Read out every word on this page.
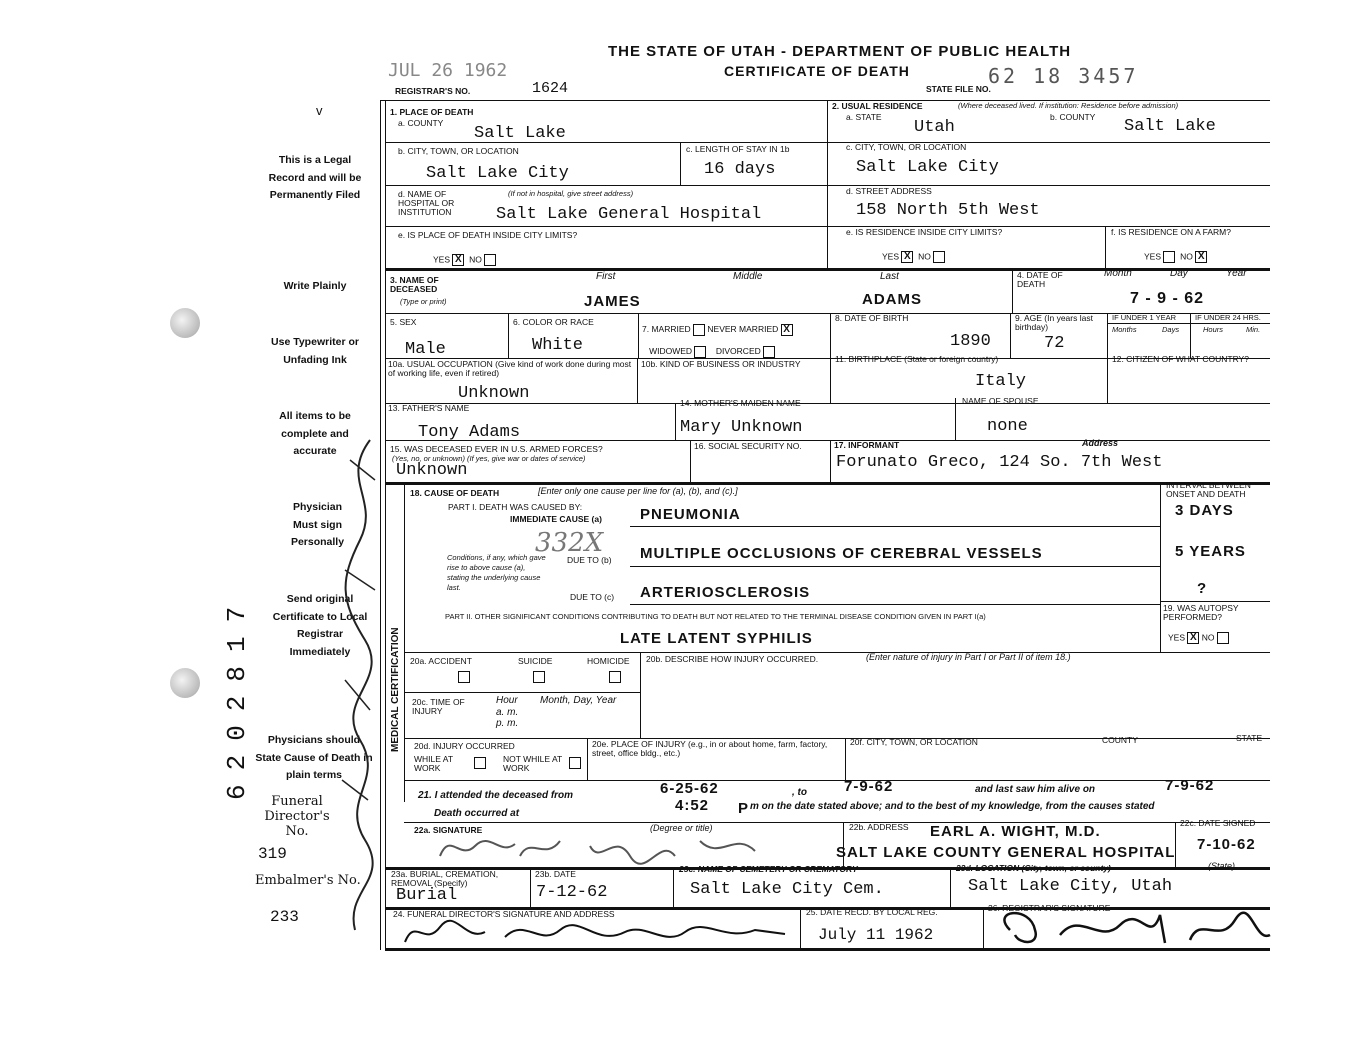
THE STATE OF UTAH - DEPARTMENT OF PUBLIC HEALTH
CERTIFICATE OF DEATH
JUL 26 1962
REGISTRAR'S NO.	1624	STATE FILE NO.
62 18 3457
v
This is a Legal Record and will be Permanently Filed
Write Plainly
Use Typewriter or Unfading Ink
All items to be complete and accurate
Physician Must sign Personally
Send original Certificate to Local Registrar Immediately
Physicians should State Cause of Death in plain terms
Funeral Director's No.
319
Embalmer's No.
233
6202817
1. PLACE OF DEATH
a. COUNTY
Salt Lake
b. CITY, TOWN, OR LOCATION
Salt Lake City
c. LENGTH OF STAY IN 1b
16 days
d. NAME OF HOSPITAL OR INSTITUTION
(If not in hospital, give street address)
Salt Lake General Hospital
e. IS PLACE OF DEATH INSIDE CITY LIMITS?
YES X NO
2. USUAL RESIDENCE	(Where deceased lived. If institution: Residence before admission)
a. STATE
Utah
b. COUNTY Salt Lake
c. CITY, TOWN, OR LOCATION
Salt Lake City
d. STREET ADDRESS
158 North 5th West
e. IS RESIDENCE INSIDE CITY LIMITS?
YES X NO
f. IS RESIDENCE ON A FARM?
YES NO X
3. NAME OF DECEASED
(Type or print)
First	Middle	Last
JAMES	ADAMS
4. DATE OF DEATH
Month	Day	Year
7 - 9 - 62
5. SEX
Male
6. COLOR OR RACE
White
7. MARRIED NEVER MARRIED X
WIDOWED	DIVORCED
8. DATE OF BIRTH
1890
9. AGE (In years last birthday)
72
IF UNDER 1 YEAR
Months	Days
IF UNDER 24 HRS.
Hours	Min.
10a. USUAL OCCUPATION (Give kind of work done during most of working life, even if retired)
Unknown
10b. KIND OF BUSINESS OR INDUSTRY	11. BIRTHPLACE (State or foreign country)
Italy
12. CITIZEN OF WHAT COUNTRY?
13. FATHER'S NAME
Tony Adams
14. MOTHER'S MAIDEN NAME
Mary Unknown
NAME OF SPOUSE
none
15. WAS DECEASED EVER IN U.S. ARMED FORCES?
(Yes, no, or unknown) (If yes, give war or dates of service)
Unknown
16. SOCIAL SECURITY NO.	17. INFORMANT	Address
Forunato Greco, 124 So. 7th West
MEDICAL CERTIFICATION
18. CAUSE OF DEATH	[Enter only one cause per line for (a), (b), and (c).]
PART I. DEATH WAS CAUSED BY:
IMMEDIATE CAUSE (a)	PNEUMONIA
INTERVAL BETWEEN ONSET AND DEATH
3 DAYS
332X
Conditions, if any, which gave rise to above cause (a), stating the underlying cause last.
DUE TO (b) MULTIPLE OCCLUSIONS OF CEREBRAL VESSELS	5 YEARS
DUE TO (c) ARTERIOSCLEROSIS	?
PART II. OTHER SIGNIFICANT CONDITIONS CONTRIBUTING TO DEATH BUT NOT RELATED TO THE TERMINAL DISEASE CONDITION GIVEN IN PART I(a)
LATE LATENT SYPHILIS
19. WAS AUTOPSY PERFORMED?
YES X NO
20a. ACCIDENT	SUICIDE	HOMICIDE 20b. DESCRIBE HOW INJURY OCCURRED.	(Enter nature of injury in Part I or Part II of item 18.)
20c. TIME OF INJURY
Hour
a. m.
p. m.
Month, Day, Year
20d. INJURY OCCURRED
WHILE AT WORK
NOT WHILE AT WORK
20e. PLACE OF INJURY (e.g., in or about home, farm, factory, street, office bldg., etc.)
20f. CITY, TOWN, OR LOCATION	COUNTY	STATE
21. I attended the deceased from	6-25-62	, to 7-9-62	and last saw him alive on	7-9-62
Death occurred at	4:52 P m on the date stated above; and to the best of my knowledge, from the causes stated
22a. SIGNATURE	(Degree or title)	22b. ADDRESS EARL A. WIGHT, M.D.
SALT LAKE COUNTY GENERAL HOSPITAL
22c. DATE SIGNED
7-10-62
23a. BURIAL, CREMATION, REMOVAL (Specify)
Burial
23b. DATE
7-12-62
23c. NAME OF CEMETERY OR CREMATORY
Salt Lake City Cem.
23d. LOCATION (City, town, or county)	(State)
Salt Lake City, Utah
24. FUNERAL DIRECTOR'S SIGNATURE AND ADDRESS	25. DATE RECD. BY LOCAL REG.
July 11 1962
26. REGISTRAR'S SIGNATURE
